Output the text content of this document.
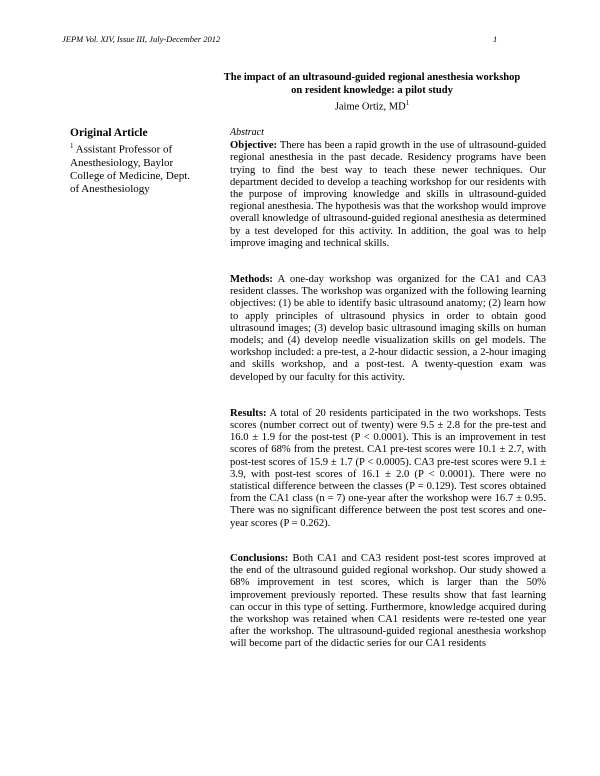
JEPM Vol. XIV, Issue III, July-December 2012	1
The impact of an ultrasound-guided regional anesthesia workshop
on resident knowledge: a pilot study
Jaime Ortiz, $MD^1$
Original Article
$^1$ Assistant Professor of Anesthesiology, Baylor College of Medicine, Dept. of Anesthesiology
Abstract

Objective: There has been a rapid growth in the use of ultrasound-guided regional anesthesia in the past decade. Residency programs have been trying to find the best way to teach these newer techniques. Our department decided to develop a teaching workshop for our residents with the purpose of improving knowledge and skills in ultrasound-guided regional anesthesia. The hypothesis was that the workshop would improve overall knowledge of ultrasound-guided regional anesthesia as determined by a test developed for this activity. In addition, the goal was to help improve imaging and technical skills.

Methods: A one-day workshop was organized for the CA1 and CA3 resident classes. The workshop was organized with the following learning objectives: (1) be able to identify basic ultrasound anatomy; (2) learn how to apply principles of ultrasound physics in order to obtain good ultrasound images; (3) develop basic ultrasound imaging skills on human models; and (4) develop needle visualization skills on gel models. The workshop included: a pre-test, a 2-hour didactic session, a 2-hour imaging and skills workshop, and a post-test. A twenty-question exam was developed by our faculty for this activity.

Results: A total of 20 residents participated in the two workshops. Tests scores (number correct out of twenty) were 9.5 ± 2.8 for the pre-test and 16.0 ± 1.9 for the post-test (P < 0.0001). This is an improvement in test scores of 68% from the pretest. CA1 pre-test scores were 10.1 ± 2.7, with post-test scores of 15.9 ± 1.7 (P < 0.0005). CA3 pre-test scores were 9.1 ± 3.9, with post-test scores of 16.1 ± 2.0 (P < 0.0001). There were no statistical difference between the classes (P = 0.129). Test scores obtained from the CA1 class (n = 7) one-year after the workshop were 16.7 ± 0.95. There was no significant difference between the post test scores and one-year scores (P = 0.262).

Conclusions: Both CA1 and CA3 resident post-test scores improved at the end of the ultrasound guided regional workshop. Our study showed a 68% improvement in test scores, which is larger than the 50% improvement previously reported. These results show that fast learning can occur in this type of setting. Furthermore, knowledge acquired during the workshop was retained when CA1 residents were re-tested one year after the workshop. The ultrasound-guided regional anesthesia workshop will become part of the didactic series for our CA1 residents
